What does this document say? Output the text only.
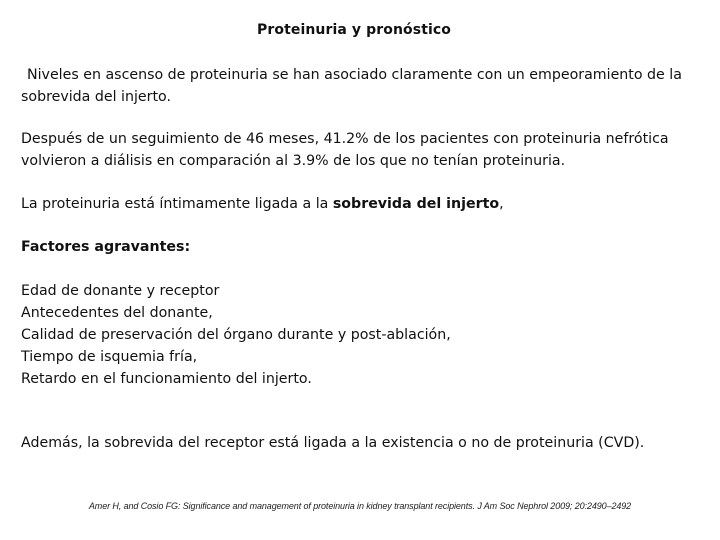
Proteinuria y pronóstico
Niveles en ascenso de proteinuria se han asociado claramente con un empeoramiento de la sobrevida del injerto.
Después de un seguimiento de 46 meses, 41.2% de los pacientes con proteinuria nefrótica volvieron a diálisis en comparación al 3.9% de los que no tenían proteinuria.
La proteinuria está íntimamente ligada a la sobrevida del injerto,
Factores agravantes:
Edad de donante y receptor
Antecedentes del donante,
Calidad de preservación del órgano durante y post-ablación,
Tiempo de isquemia fría,
Retardo en el funcionamiento del injerto.
Además, la sobrevida del receptor está ligada a la existencia o no de proteinuria (CVD).
Amer H, and Cosio FG: Significance and management of proteinuria in kidney transplant recipients. J Am Soc Nephrol 2009; 20:2490–2492
